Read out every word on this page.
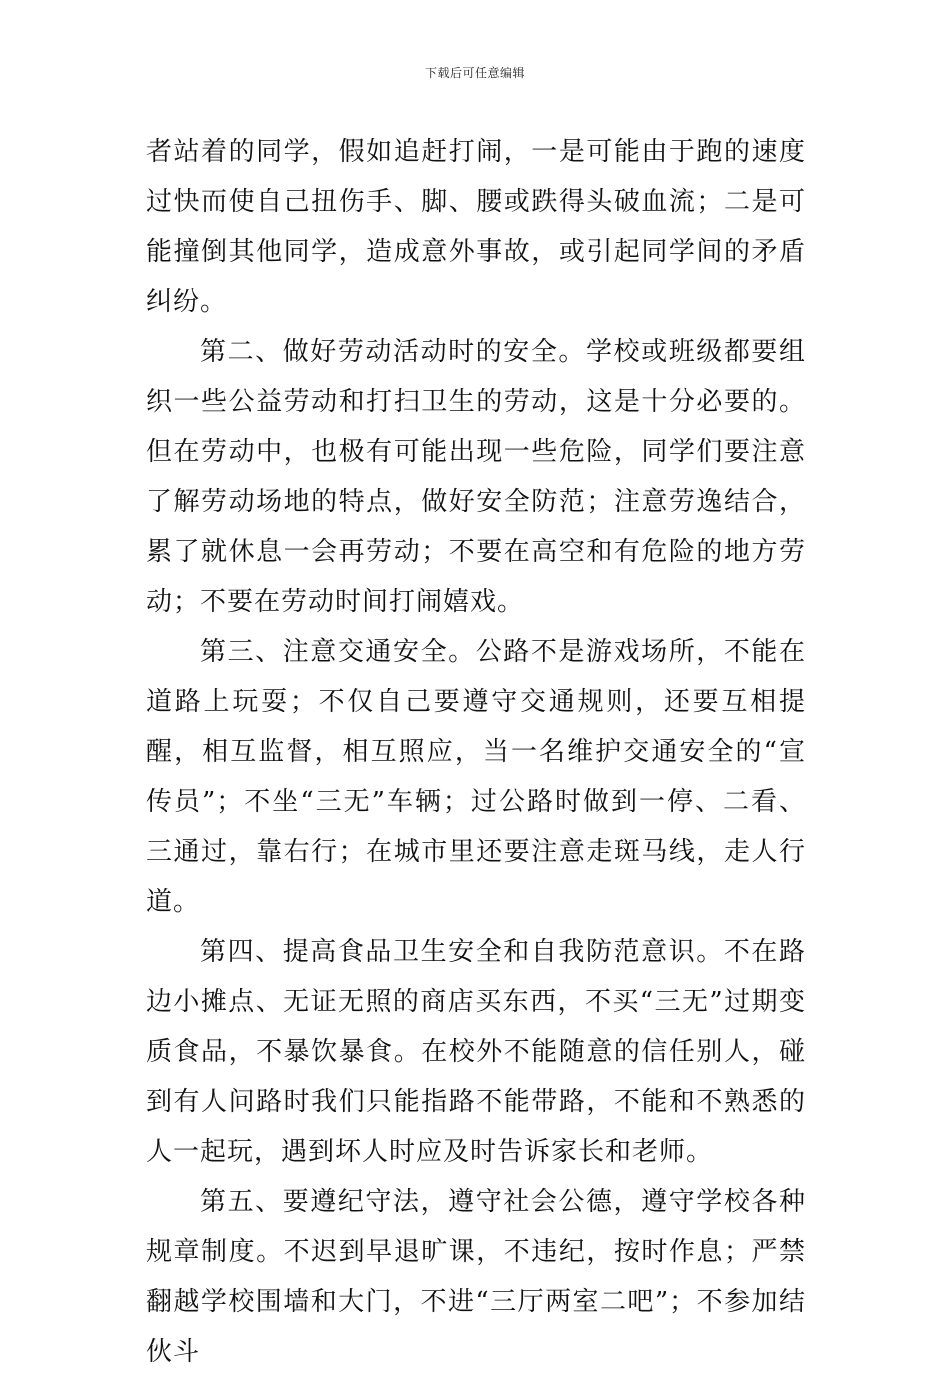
下载后可任意编辑

者站着的同学，假如追赶打闹，一是可能由于跑的速度过快而使自己扭伤手、脚、腰或跌得头破血流；二是可能撞倒其他同学，造成意外事故，或引起同学间的矛盾纠纷。

第二、做好劳动活动时的安全。学校或班级都要组织一些公益劳动和打扫卫生的劳动，这是十分必要的。但在劳动中，也极有可能出现一些危险，同学们要注意了解劳动场地的特点，做好安全防范；注意劳逸结合，累了就休息一会再劳动；不要在高空和有危险的地方劳动；不要在劳动时间打闹嬉戏。

第三、注意交通安全。公路不是游戏场所，不能在道路上玩耍；不仅自己要遵守交通规则，还要互相提醒，相互监督，相互照应，当一名维护交通安全的“宣传员”；不坐“三无”车辆；过公路时做到一停、二看、三通过，靠右行；在城市里还要注意走斑马线，走人行道。

第四、提高食品卫生安全和自我防范意识。不在路边小摊点、无证无照的商店买东西，不买“三无”过期变质食品，不暴饮暴食。在校外不能随意的信任别人，碰到有人问路时我们只能指路不能带路，不能和不熟悉的人一起玩，遇到坏人时应及时告诉家长和老师。

第五、要遵纪守法，遵守社会公德，遵守学校各种规章制度。不迟到早退旷课，不违纪，按时作息；严禁翻越学校围墙和大门，不进“三厅两室二吧”；不参加结伙斗
